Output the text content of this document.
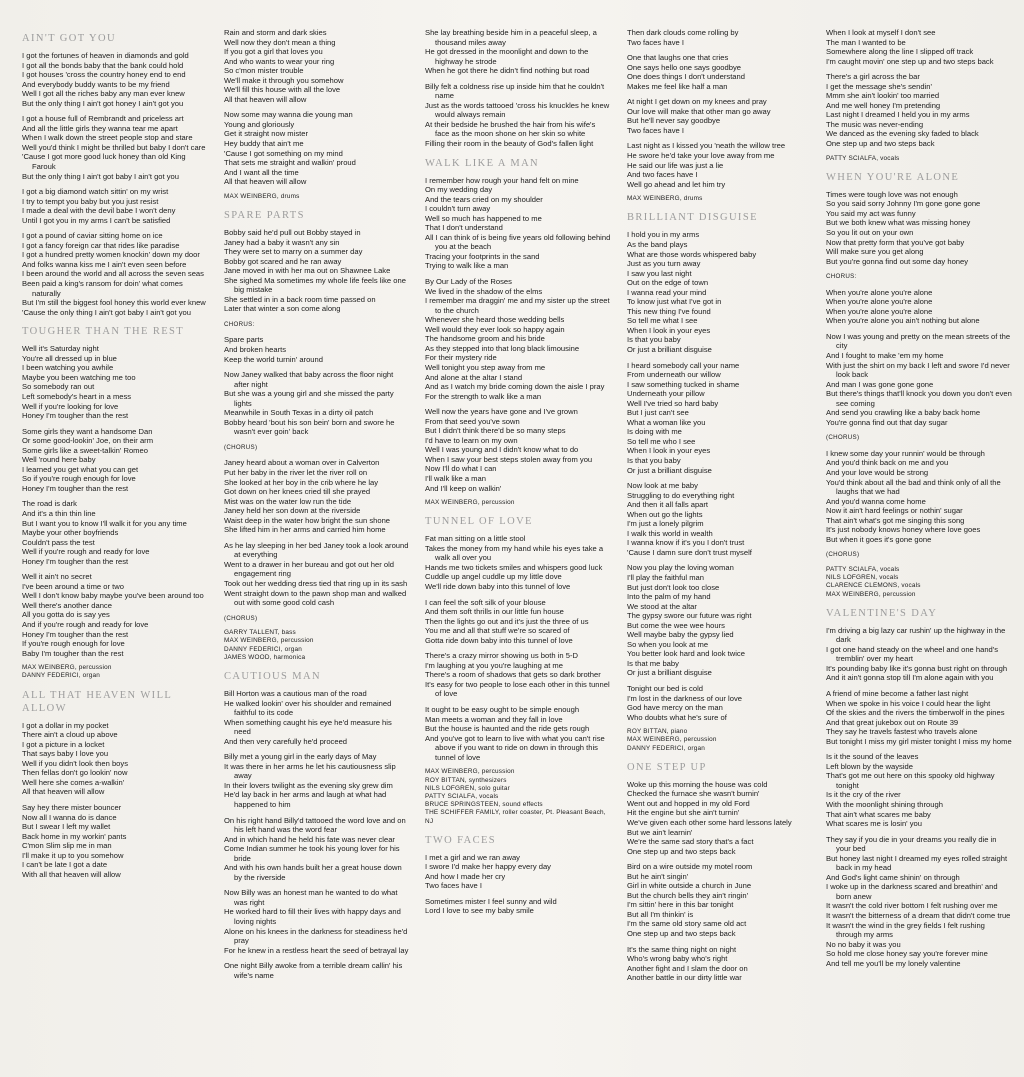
AIN'T GOT YOU
I got the fortunes of heaven in diamonds and gold
I got all the bonds baby that the bank could hold
I got houses 'cross the country honey end to end
And everybody buddy wants to be my friend
Well I got all the riches baby any man ever knew
But the only thing I ain't got honey I ain't got you
I got a house full of Rembrandt and priceless art
And all the little girls they wanna tear me apart
When I walk down the street people stop and stare
Well you'd think I might be thrilled but baby I don't care
'Cause I got more good luck honey than old King Farouk
But the only thing I ain't got baby I ain't got you
I got a big diamond watch sittin' on my wrist
I try to tempt you baby but you just resist
I made a deal with the devil babe I won't deny
Until I got you in my arms I can't be satisfied
I got a pound of caviar sitting home on ice
I got a fancy foreign car that rides like paradise
I got a hundred pretty women knockin' down my door
And folks wanna kiss me I ain't even seen before
I been around the world and all across the seven seas
Been paid a king's ransom for doin' what comes naturally
But I'm still the biggest fool honey this world ever knew
'Cause the only thing I ain't got baby I ain't got you
TOUGHER THAN THE REST
Well it's Saturday night
You're all dressed up in blue
I been watching you awhile
Maybe you been watching me too
So somebody ran out
Left somebody's heart in a mess
Well if you're looking for love
Honey I'm tougher than the rest
Some girls they want a handsome Dan
Or some good-lookin' Joe, on their arm
Some girls like a sweet-talkin' Romeo
Well 'round here baby
I learned you get what you can get
So if you're rough enough for love
Honey I'm tougher than the rest
The road is dark
And it's a thin thin line
But I want you to know I'll walk it for you any time
Maybe your other boyfriends
Couldn't pass the test
Well if you're rough and ready for love
Honey I'm tougher than the rest
Well it ain't no secret
I've been around a time or two
Well I don't know baby maybe you've been around too
Well there's another dance
All you gotta do is say yes
And if you're rough and ready for love
Honey I'm tougher than the rest
If you're rough enough for love
Baby I'm tougher than the rest
MAX WEINBERG, percussion
DANNY FEDERICI, organ
ALL THAT HEAVEN WILL ALLOW
I got a dollar in my pocket
There ain't a cloud up above
I got a picture in a locket
That says baby I love you
Well if you didn't look then boys
Then fellas don't go lookin' now
Well here she comes a-walkin'
All that heaven will allow
Say hey there mister bouncer
Now all I wanna do is dance
But I swear I left my wallet
Back home in my workin' pants
C'mon Slim slip me in man
I'll make it up to you somehow
I can't be late I got a date
With all that heaven will allow
Rain and storm and dark skies
Well now they don't mean a thing
If you got a girl that loves you
And who wants to wear your ring
So c'mon mister trouble
We'll make it through you somehow
We'll fill this house with all the love
All that heaven will allow
Now some may wanna die young man
Young and gloriously
Get it straight now mister
Hey buddy that ain't me
'Cause I got something on my mind
That sets me straight and walkin' proud
And I want all the time
All that heaven will allow
MAX WEINBERG, drums
SPARE PARTS
Bobby said he'd pull out Bobby stayed in
Janey had a baby it wasn't any sin
They were set to marry on a summer day
Bobby got scared and he ran away
Jane moved in with her ma out on Shawnee Lake
She sighed Ma sometimes my whole life feels like one big mistake
She settled in in a back room time passed on
Later that winter a son come along
CHORUS:
Spare parts
And broken hearts
Keep the world turnin' around
Now Janey walked that baby across the floor night after night
But she was a young girl and she missed the party lights
Meanwhile in South Texas in a dirty oil patch
Bobby heard 'bout his son bein' born and swore he wasn't ever goin' back
(CHORUS)
Janey heard about a woman over in Calverton
Put her baby in the river let the river roll on
She looked at her boy in the crib where he lay
Got down on her knees cried till she prayed
Mist was on the water low run the tide
Janey held her son down at the riverside
Waist deep in the water how bright the sun shone
She lifted him in her arms and carried him home
As he lay sleeping in her bed Janey took a look around at everything
Went to a drawer in her bureau and got out her old engagement ring
Took out her wedding dress tied that ring up in its sash
Went straight down to the pawn shop man and walked out with some good cold cash
(CHORUS)
GARRY TALLENT, bass
MAX WEINBERG, percussion
DANNY FEDERICI, organ
JAMES WOOD, harmonica
CAUTIOUS MAN
Bill Horton was a cautious man of the road
He walked lookin' over his shoulder and remained faithful to its code
When something caught his eye he'd measure his need
And then very carefully he'd proceed
Billy met a young girl in the early days of May
It was there in her arms he let his cautiousness slip away
In their lovers twilight as the evening sky grew dim
He'd lay back in her arms and laugh at what had happened to him
On his right hand Billy'd tattooed the word love and on his left hand was the word fear
And in which hand he held his fate was never clear
Come Indian summer he took his young lover for his bride
And with his own hands built her a great house down by the riverside
Now Billy was an honest man he wanted to do what was right
He worked hard to fill their lives with happy days and loving nights
Alone on his knees in the darkness for steadiness he'd pray
For he knew in a restless heart the seed of betrayal lay
One night Billy awoke from a terrible dream callin' his wife's name
She lay breathing beside him in a peaceful sleep, a thousand miles away
He got dressed in the moonlight and down to the highway he strode
When he got there he didn't find nothing but road
Billy felt a coldness rise up inside him that he couldn't name
Just as the words tattooed 'cross his knuckles he knew would always remain
At their bedside he brushed the hair from his wife's face as the moon shone on her skin so white
Filling their room in the beauty of God's fallen light
WALK LIKE A MAN
I remember how rough your hand felt on mine
On my wedding day
And the tears cried on my shoulder
I couldn't turn away
Well so much has happened to me
That I don't understand
All I can think of is being five years old following behind you at the beach
Tracing your footprints in the sand
Trying to walk like a man
By Our Lady of the Roses
We lived in the shadow of the elms
I remember ma draggin' me and my sister up the street to the church
Whenever she heard those wedding bells
Well would they ever look so happy again
The handsome groom and his bride
As they stepped into that long black limousine
For their mystery ride
Well tonight you step away from me
And alone at the altar I stand
And as I watch my bride coming down the aisle I pray
For the strength to walk like a man
Well now the years have gone and I've grown
From that seed you've sown
But I didn't think there'd be so many steps
I'd have to learn on my own
Well I was young and I didn't know what to do
When I saw your best steps stolen away from you
Now I'll do what I can
I'll walk like a man
And I'll keep on walkin'
MAX WEINBERG, percussion
TUNNEL OF LOVE
Fat man sitting on a little stool
Takes the money from my hand while his eyes take a walk all over you
Hands me two tickets smiles and whispers good luck
Cuddle up angel cuddle up my little dove
We'll ride down baby into this tunnel of love
I can feel the soft silk of your blouse
And them soft thrills in our little fun house
Then the lights go out and it's just the three of us
You me and all that stuff we're so scared of
Gotta ride down baby into this tunnel of love
There's a crazy mirror showing us both in 5-D
I'm laughing at you you're laughing at me
There's a room of shadows that gets so dark brother
It's easy for two people to lose each other in this tunnel of love
It ought to be easy ought to be simple enough
Man meets a woman and they fall in love
But the house is haunted and the ride gets rough
And you've got to learn to live with what you can't rise above if you want to ride on down in through this tunnel of love
MAX WEINBERG, percussion
ROY BITTAN, synthesizers
NILS LOFGREN, solo guitar
PATTY SCIALFA, vocals
BRUCE SPRINGSTEEN, sound effects
THE SCHIFFER FAMILY, roller coaster, Pt. Pleasant Beach, NJ
TWO FACES
I met a girl and we ran away
I swore I'd make her happy every day
And how I made her cry
Two faces have I
Sometimes mister I feel sunny and wild
Lord I love to see my baby smile
Then dark clouds come rolling by
Two faces have I
One that laughs one that cries
One says hello one says goodbye
One does things I don't understand
Makes me feel like half a man
At night I get down on my knees and pray
Our love will make that other man go away
But he'll never say goodbye
Two faces have I
Last night as I kissed you 'neath the willow tree
He swore he'd take your love away from me
He said our life was just a lie
And two faces have I
Well go ahead and let him try
MAX WEINBERG, drums
BRILLIANT DISGUISE
I hold you in my arms
As the band plays
What are those words whispered baby
Just as you turn away
I saw you last night
Out on the edge of town
I wanna read your mind
To know just what I've got in
This new thing I've found
So tell me what I see
When I look in your eyes
Is that you baby
Or just a brilliant disguise
I heard somebody call your name
From underneath our willow
I saw something tucked in shame
Underneath your pillow
Well I've tried so hard baby
But I just can't see
What a woman like you
Is doing with me
So tell me who I see
When I look in your eyes
Is that you baby
Or just a brilliant disguise
Now look at me baby
Struggling to do everything right
And then it all falls apart
When out go the lights
I'm just a lonely pilgrim
I walk this world in wealth
I wanna know if it's you I don't trust
'Cause I damn sure don't trust myself
Now you play the loving woman
I'll play the faithful man
But just don't look too close
Into the palm of my hand
We stood at the altar
The gypsy swore our future was right
But come the wee wee hours
Well maybe baby the gypsy lied
So when you look at me
You better look hard and look twice
Is that me baby
Or just a brilliant disguise
Tonight our bed is cold
I'm lost in the darkness of our love
God have mercy on the man
Who doubts what he's sure of
ROY BITTAN, piano
MAX WEINBERG, percussion
DANNY FEDERICI, organ
ONE STEP UP
Woke up this morning the house was cold
Checked the furnace she wasn't burnin'
Went out and hopped in my old Ford
Hit the engine but she ain't turnin'
We've given each other some hard lessons lately
But we ain't learnin'
We're the same sad story that's a fact
One step up and two steps back
Bird on a wire outside my motel room
But he ain't singin'
Girl in white outside a church in June
But the church bells they ain't ringin'
I'm sittin' here in this bar tonight
But all I'm thinkin' is
I'm the same old story same old act
One step up and two steps back
It's the same thing night on night
Who's wrong baby who's right
Another fight and I slam the door on
Another battle in our dirty little war
When I look at myself I don't see
The man I wanted to be
Somewhere along the line I slipped off track
I'm caught movin' one step up and two steps back
There's a girl across the bar
I get the message she's sendin'
Mmm she ain't lookin' too married
And me well honey I'm pretending
Last night I dreamed I held you in my arms
The music was never-ending
We danced as the evening sky faded to black
One step up and two steps back
PATTY SCIALFA, vocals
WHEN YOU'RE ALONE
Times were tough love was not enough
So you said sorry Johnny I'm gone gone gone
You said my act was funny
But we both knew what was missing honey
So you lit out on your own
Now that pretty form that you've got baby
Will make sure you get along
But you're gonna find out some day honey
CHORUS:
When you're alone you're alone
When you're alone you're alone
When you're alone you're alone
When you're alone you ain't nothing but alone
Now I was young and pretty on the mean streets of the city
And I fought to make 'em my home
With just the shirt on my back I left and swore I'd never look back
And man I was gone gone gone
But there's things that'll knock you down you don't even see coming
And send you crawling like a baby back home
You're gonna find out that day sugar
(CHORUS)
I knew some day your runnin' would be through
And you'd think back on me and you
And your love would be strong
You'd think about all the bad and think only of all the laughs that we had
And you'd wanna come home
Now it ain't hard feelings or nothin' sugar
That ain't what's got me singing this song
It's just nobody knows honey where love goes
But when it goes it's gone gone
(CHORUS)
PATTY SCIALFA, vocals
NILS LOFGREN, vocals
CLARENCE CLEMONS, vocals
MAX WEINBERG, percussion
VALENTINE'S DAY
I'm driving a big lazy car rushin' up the highway in the dark
I got one hand steady on the wheel and one hand's tremblin' over my heart
It's pounding baby like it's gonna bust right on through
And it ain't gonna stop till I'm alone again with you
A friend of mine become a father last night
When we spoke in his voice I could hear the light
Of the skies and the rivers the timberwolf in the pines
And that great jukebox out on Route 39
They say he travels fastest who travels alone
But tonight I miss my girl mister tonight I miss my home
Is it the sound of the leaves
Left blown by the wayside
That's got me out here on this spooky old highway tonight
Is it the cry of the river
With the moonlight shining through
That ain't what scares me baby
What scares me is losin' you
They say if you die in your dreams you really die in your bed
But honey last night I dreamed my eyes rolled straight back in my head
And God's light came shinin' on through
I woke up in the darkness scared and breathin' and born anew
It wasn't the cold river bottom I felt rushing over me
It wasn't the bitterness of a dream that didn't come true
It wasn't the wind in the grey fields I felt rushing through my arms
No no baby it was you
So hold me close honey say you're forever mine
And tell me you'll be my lonely valentine
